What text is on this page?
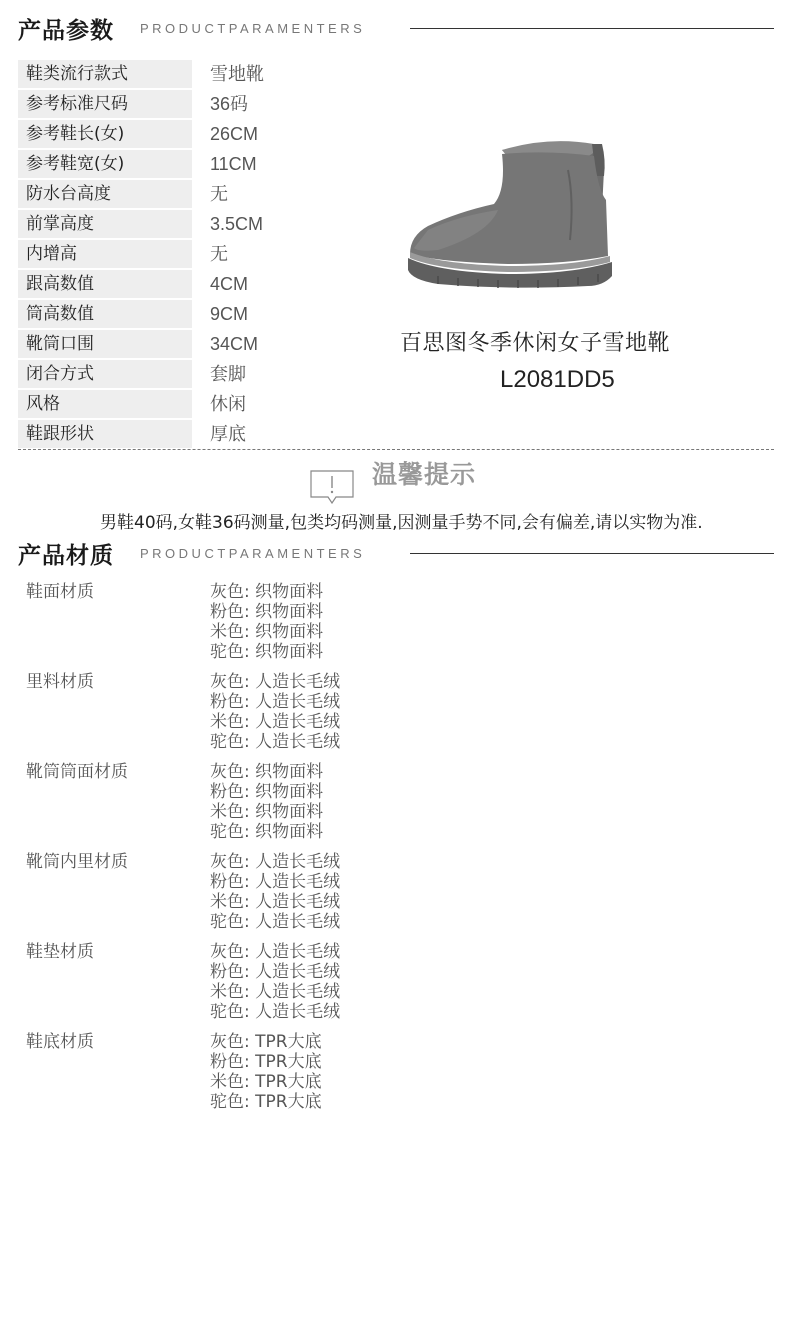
产品参数 PRODUCTPARAMENTERS
鞋类流行款式	雪地靴
参考标准尺码	36码
参考鞋长(女)	26CM
参考鞋宽(女)	11CM
防水台高度	无
前掌高度	3.5CM
内增高	无
跟高数值	4CM
筒高数值	9CM
靴筒口围	34CM
闭合方式	套脚
风格	休闲
鞋跟形状	厚底
百思图冬季休闲女子雪地靴
L2081DD5
温馨提示
男鞋40码,女鞋36码测量,包类均码测量,因测量手势不同,会有偏差,请以实物为准.
产品材质 PRODUCTPARAMENTERS
鞋面材质	灰色: 织物面料
粉色: 织物面料
米色: 织物面料
驼色: 织物面料
里料材质	灰色: 人造长毛绒
粉色: 人造长毛绒
米色: 人造长毛绒
驼色: 人造长毛绒
靴筒筒面材质	灰色: 织物面料
粉色: 织物面料
米色: 织物面料
驼色: 织物面料
靴筒内里材质	灰色: 人造长毛绒
粉色: 人造长毛绒
米色: 人造长毛绒
驼色: 人造长毛绒
鞋垫材质	灰色: 人造长毛绒
粉色: 人造长毛绒
米色: 人造长毛绒
驼色: 人造长毛绒
鞋底材质	灰色: TPR大底
粉色: TPR大底
米色: TPR大底
驼色: TPR大底
